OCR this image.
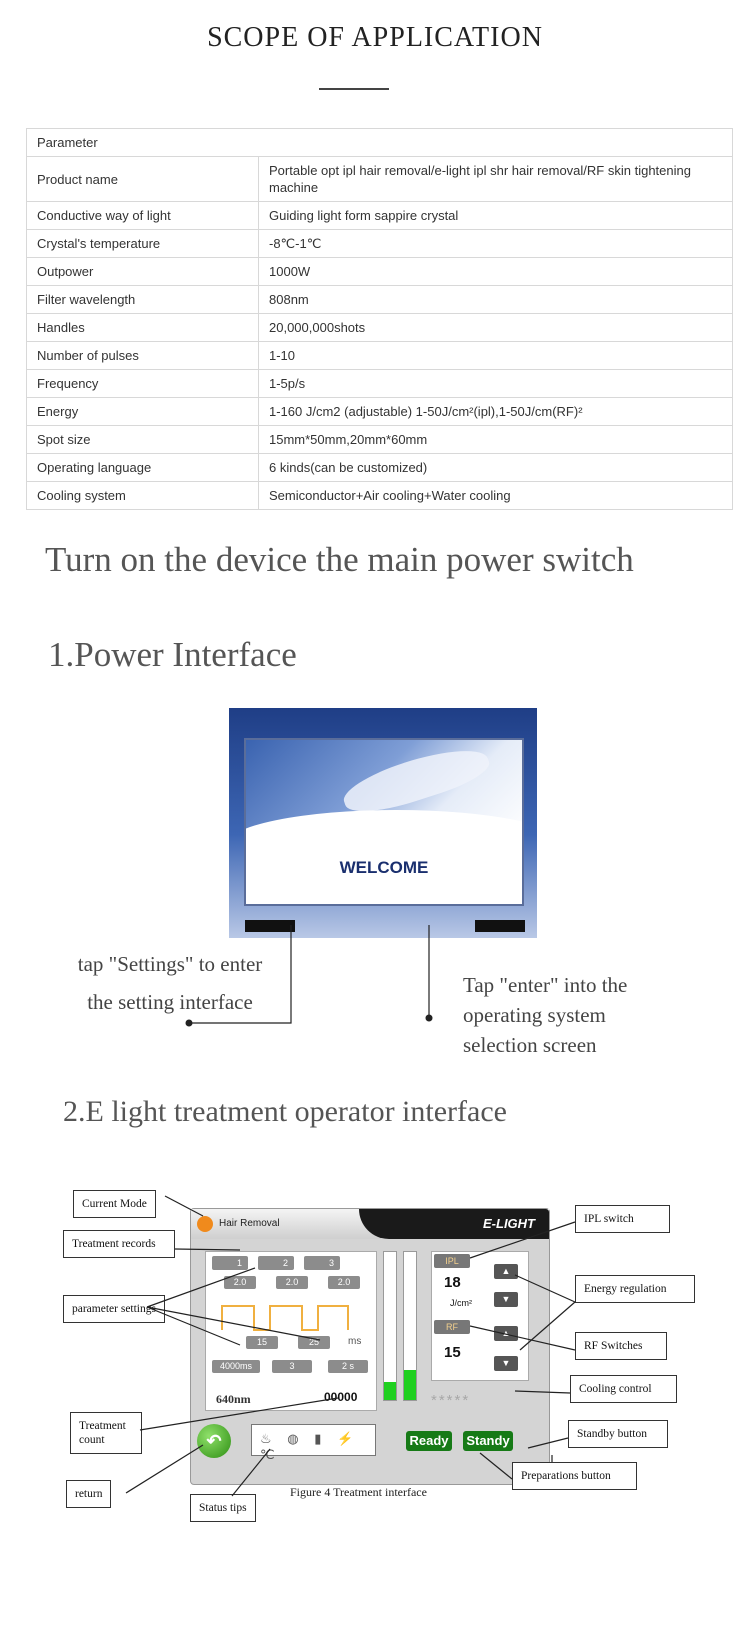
SCOPE OF APPLICATION
Parameter	
Product name	Portable opt ipl hair removal/e-light ipl shr hair removal/RF skin tightening machine
Conductive way of light	Guiding light form sappire crystal
Crystal's temperature	-8℃-1℃
Outpower	1000W
Filter wavelength	808nm
Handles	20,000,000shots
Number of pulses	1-10
Frequency	1-5p/s
Energy	1-160 J/cm2 (adjustable) 1-50J/cm²(ipl),1-50J/cm(RF)²
Spot size	15mm*50mm,20mm*60mm
Operating language	6 kinds(can be customized)
Cooling system	Semiconductor+Air cooling+Water cooling
Turn on the device the main power switch
1.Power Interface
WELCOME
tap "Settings" to enter
the setting interface
Tap "enter" into the
operating system
selection screen
2.E light treatment operator interface
Hair Removal	E-LIGHT
1	2	3
2.0	2.0	2.0
15	25	ms
4000ms	3	2 s
640nm	00000
IPL
18
J/cm²
▲
▼
RF
15
▲
▼
*****
↶	♨ ◍ ▮ ⚡ ℃
Ready Standy
Figure 4 Treatment interface
Current Mode
Treatment records
parameter settings
Treatment count
return
Status tips
IPL switch
Energy regulation
RF Switches
Cooling control
Standby button
Preparations button
